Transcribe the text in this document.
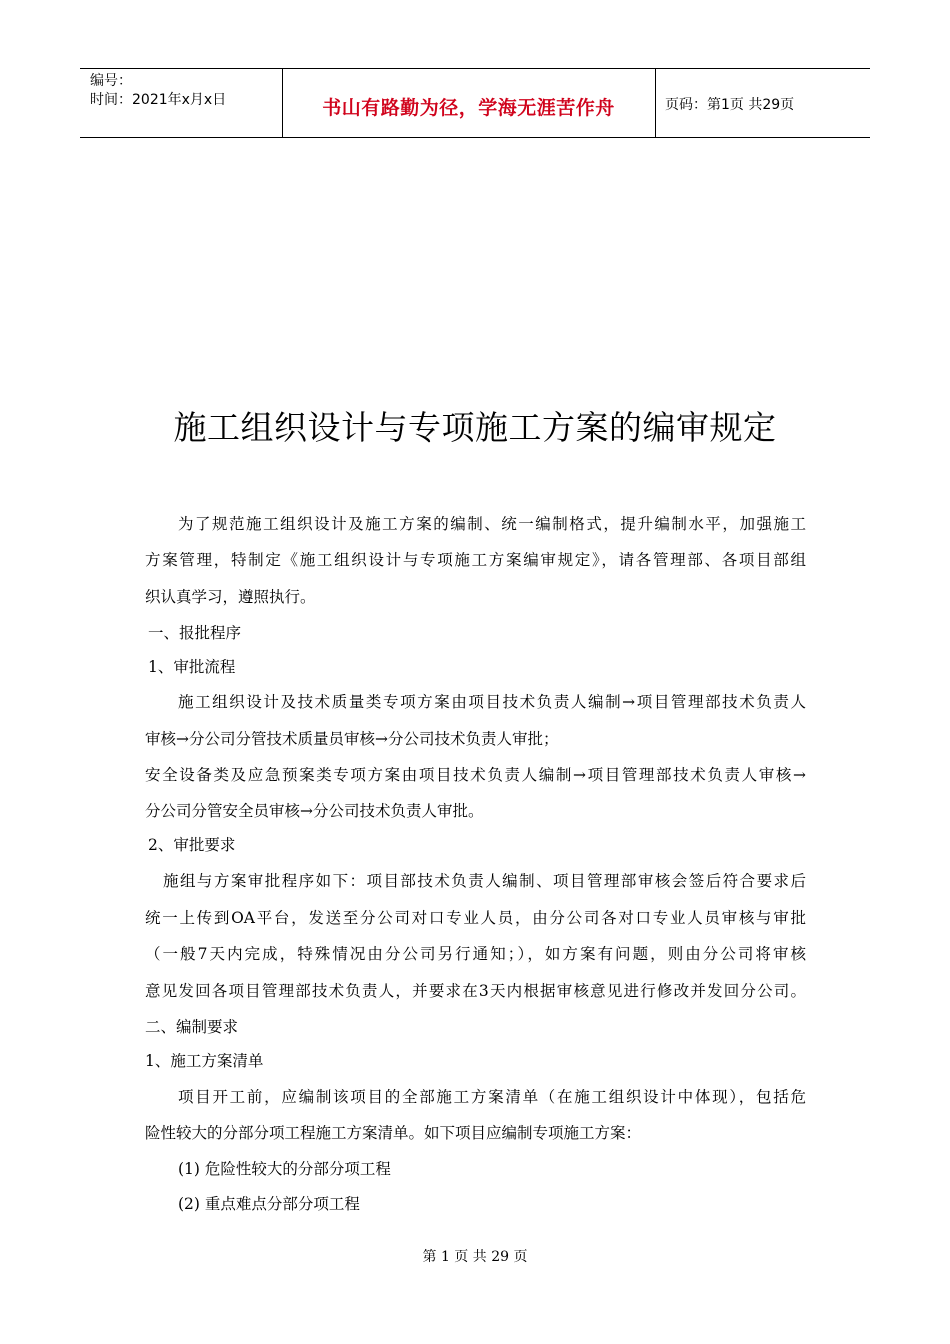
编号：
时间：2021年x月x日	书山有路勤为径，学海无涯苦作舟	页码：第1页 共29页
施工组织设计与专项施工方案的编审规定
为了规范施工组织设计及施工方案的编制、统一编制格式，提升编制水平，加强施工
方案管理，特制定《施工组织设计与专项施工方案编审规定》，请各管理部、各项目部组
织认真学习，遵照执行。
一、报批程序
1、审批流程
施工组织设计及技术质量类专项方案由项目技术负责人编制→项目管理部技术负责人
审核→分公司分管技术质量员审核→分公司技术负责人审批；
安全设备类及应急预案类专项方案由项目技术负责人编制→项目管理部技术负责人审核→
分公司分管安全员审核→分公司技术负责人审批。
2、审批要求
施组与方案审批程序如下：项目部技术负责人编制、项目管理部审核会签后符合要求后
统一上传到OA平台，发送至分公司对口专业人员，由分公司各对口专业人员审核与审批
（一般7天内完成，特殊情况由分公司另行通知；），如方案有问题，则由分公司将审核
意见发回各项目管理部技术负责人，并要求在3天内根据审核意见进行修改并发回分公司。
二、编制要求
1、施工方案清单
项目开工前，应编制该项目的全部施工方案清单（在施工组织设计中体现），包括危
险性较大的分部分项工程施工方案清单。如下项目应编制专项施工方案：
(1) 危险性较大的分部分项工程
(2) 重点难点分部分项工程
第 1 页 共 29 页
